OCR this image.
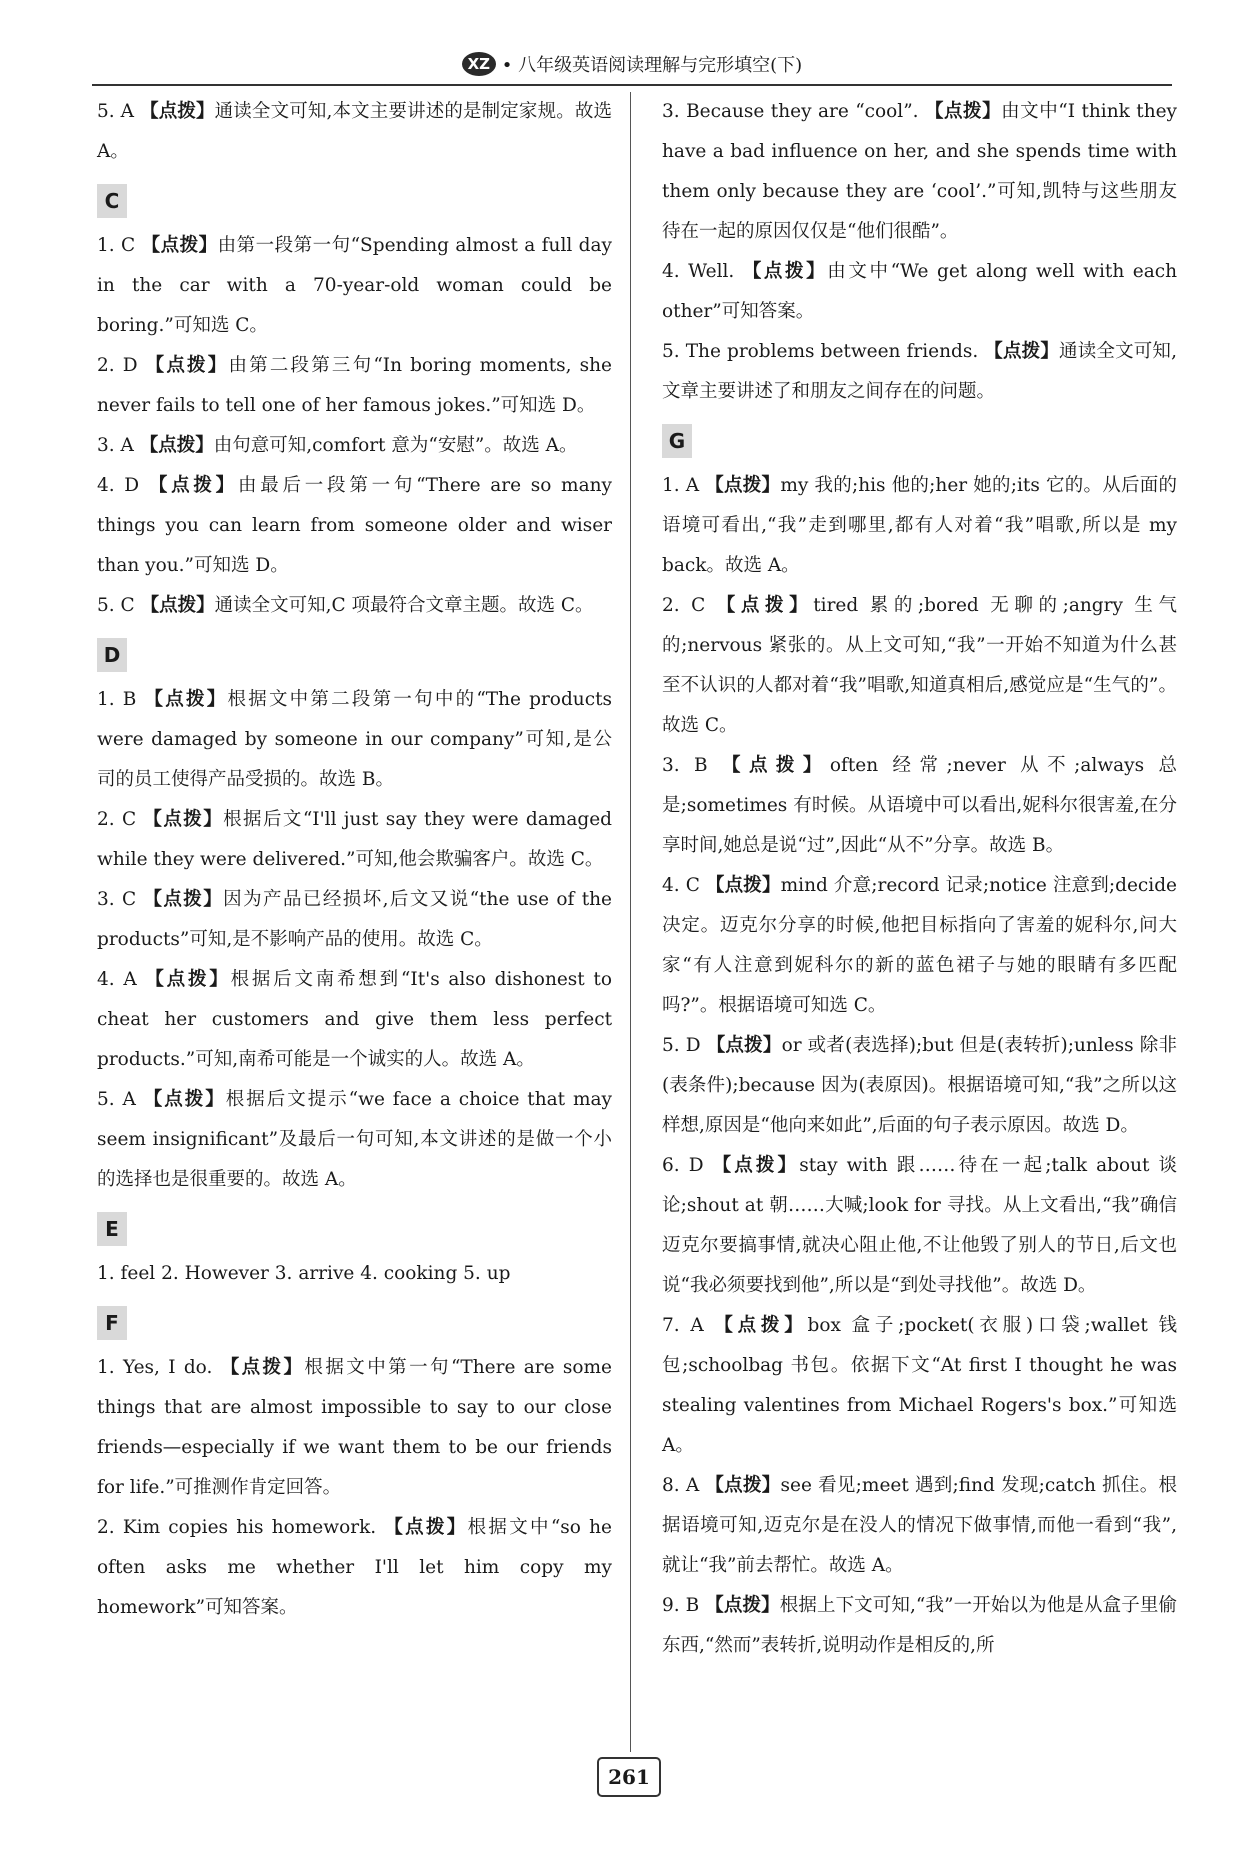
XZ • 八年级英语阅读理解与完形填空(下)
5. A 【点拨】通读全文可知,本文主要讲述的是制定家规。故选 A。
C
1. C 【点拨】由第一段第一句“Spending almost a full day in the car with a 70-year-old woman could be boring.”可知选 C。
2. D 【点拨】由第二段第三句“In boring moments, she never fails to tell one of her famous jokes.”可知选 D。
3. A 【点拨】由句意可知,comfort 意为“安慰”。故选 A。
4. D 【点拨】由最后一段第一句“There are so many things you can learn from someone older and wiser than you.”可知选 D。
5. C 【点拨】通读全文可知,C 项最符合文章主题。故选 C。
D
1. B 【点拨】根据文中第二段第一句中的“The products were damaged by someone in our company”可知,是公司的员工使得产品受损的。故选 B。
2. C 【点拨】根据后文“I'll just say they were damaged while they were delivered.”可知,他会欺骗客户。故选 C。
3. C 【点拨】因为产品已经损坏,后文又说“the use of the products”可知,是不影响产品的使用。故选 C。
4. A 【点拨】根据后文南希想到“It's also dishonest to cheat her customers and give them less perfect products.”可知,南希可能是一个诚实的人。故选 A。
5. A 【点拨】根据后文提示“we face a choice that may seem insignificant”及最后一句可知,本文讲述的是做一个小的选择也是很重要的。故选 A。
E
1. feel 2. However 3. arrive 4. cooking 5. up
F
1. Yes, I do. 【点拨】根据文中第一句“There are some things that are almost impossible to say to our close friends—especially if we want them to be our friends for life.”可推测作肯定回答。
2. Kim copies his homework. 【点拨】根据文中“so he often asks me whether I'll let him copy my homework”可知答案。
3. Because they are “cool”. 【点拨】由文中“I think they have a bad influence on her, and she spends time with them only because they are ‘cool’.”可知,凯特与这些朋友待在一起的原因仅仅是“他们很酷”。
4. Well. 【点拨】由文中“We get along well with each other”可知答案。
5. The problems between friends. 【点拨】通读全文可知,文章主要讲述了和朋友之间存在的问题。
G
1. A 【点拨】my 我的;his 他的;her 她的;its 它的。从后面的语境可看出,“我”走到哪里,都有人对着“我”唱歌,所以是 my back。故选 A。
2. C 【点拨】tired 累的;bored 无聊的;angry 生气的;nervous 紧张的。从上文可知,“我”一开始不知道为什么甚至不认识的人都对着“我”唱歌,知道真相后,感觉应是“生气的”。故选 C。
3. B 【点拨】often 经常;never 从不;always 总是;sometimes 有时候。从语境中可以看出,妮科尔很害羞,在分享时间,她总是说“过”,因此“从不”分享。故选 B。
4. C 【点拨】mind 介意;record 记录;notice 注意到;decide 决定。迈克尔分享的时候,他把目标指向了害羞的妮科尔,问大家“有人注意到妮科尔的新的蓝色裙子与她的眼睛有多匹配吗?”。根据语境可知选 C。
5. D 【点拨】or 或者(表选择);but 但是(表转折);unless 除非(表条件);because 因为(表原因)。根据语境可知,“我”之所以这样想,原因是“他向来如此”,后面的句子表示原因。故选 D。
6. D 【点拨】stay with 跟……待在一起;talk about 谈论;shout at 朝……大喊;look for 寻找。从上文看出,“我”确信迈克尔要搞事情,就决心阻止他,不让他毁了别人的节日,后文也说“我必须要找到他”,所以是“到处寻找他”。故选 D。
7. A 【点拨】box 盒子;pocket(衣服)口袋;wallet 钱包;schoolbag 书包。依据下文“At first I thought he was stealing valentines from Michael Rogers's box.”可知选 A。
8. A 【点拨】see 看见;meet 遇到;find 发现;catch 抓住。根据语境可知,迈克尔是在没人的情况下做事情,而他一看到“我”,就让“我”前去帮忙。故选 A。
9. B 【点拨】根据上下文可知,“我”一开始以为他是从盒子里偷东西,“然而”表转折,说明动作是相反的,所
261
